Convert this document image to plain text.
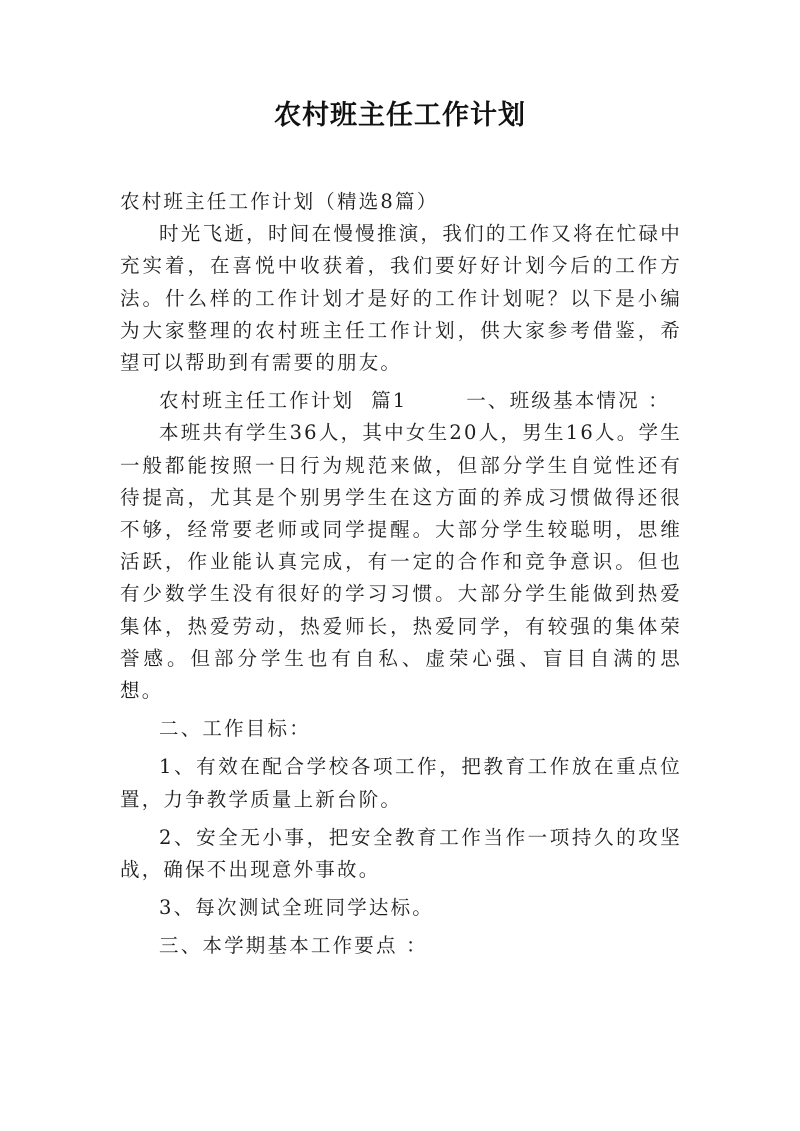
农村班主任工作计划

农村班主任工作计划（精选8篇）

时光飞逝，时间在慢慢推演，我们的工作又将在忙碌中充实着，在喜悦中收获着，我们要好好计划今后的工作方法。什么样的工作计划才是好的工作计划呢？以下是小编为大家整理的农村班主任工作计划，供大家参考借鉴，希望可以帮助到有需要的朋友。

农村班主任工作计划  篇1       一、班级基本情况 ：

本班共有学生36人，其中女生20人，男生16人。学生一般都能按照一日行为规范来做，但部分学生自觉性还有待提高，尤其是个别男学生在这方面的养成习惯做得还很不够，经常要老师或同学提醒。大部分学生较聪明，思维活跃，作业能认真完成，有一定的合作和竞争意识。但也有少数学生没有很好的学习习惯。大部分学生能做到热爱集体，热爱劳动，热爱师长，热爱同学，有较强的集体荣誉感。但部分学生也有自私、虚荣心强、盲目自满的思想。

二、工作目标：

1、有效在配合学校各项工作，把教育工作放在重点位置，力争教学质量上新台阶。

2、安全无小事，把安全教育工作当作一项持久的攻坚战，确保不出现意外事故。

3、每次测试全班同学达标。

三、本学期基本工作要点 ：
